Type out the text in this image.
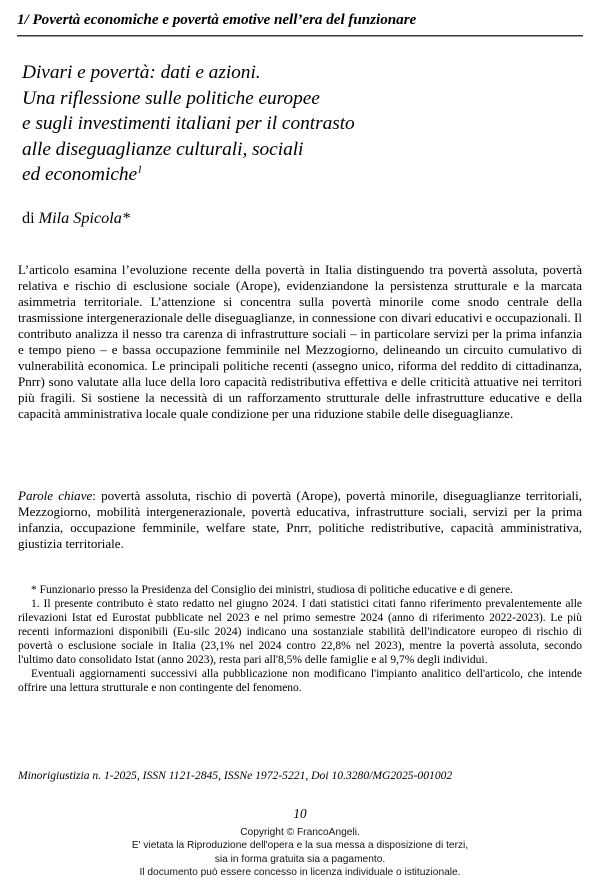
1/ Povertà economiche e povertà emotive nell’era del funzionare
Divari e povertà: dati e azioni.
Una riflessione sulle politiche europee
e sugli investimenti italiani per il contrasto
alle diseguaglianze culturali, sociali
ed economiche$^1$
di Mila Spicola*
L’articolo esamina l’evoluzione recente della povertà in Italia distinguendo tra povertà assoluta, povertà relativa e rischio di esclusione sociale (Arope), evidenziandone la persistenza strutturale e la marcata asimmetria territoriale. L’attenzione si concentra sulla povertà minorile come snodo centrale della trasmissione intergenerazionale delle diseguaglianze, in connessione con divari educativi e occupazionali. Il contributo analizza il nesso tra carenza di infrastrutture sociali – in particolare servizi per la prima infanzia e tempo pieno – e bassa occupazione femminile nel Mezzogiorno, delineando un circuito cumulativo di vulnerabilità economica. Le principali politiche recenti (assegno unico, riforma del reddito di cittadinanza, Pnrr) sono valutate alla luce della loro capacità redistributiva effettiva e delle criticità attuative nei territori più fragili. Si sostiene la necessità di un rafforzamento strutturale delle infrastrutture educative e della capacità amministrativa locale quale condizione per una riduzione stabile delle diseguaglianze.
Parole chiave: povertà assoluta, rischio di povertà (Arope), povertà minorile, diseguaglianze territoriali, Mezzogiorno, mobilità intergenerazionale, povertà educativa, infrastrutture sociali, servizi per la prima infanzia, occupazione femminile, welfare state, Pnrr, politiche redistributive, capacità amministrativa, giustizia territoriale.

* Funzionario presso la Presidenza del Consiglio dei ministri, studiosa di politiche educative e di genere.

1. Il presente contributo è stato redatto nel giugno 2024. I dati statistici citati fanno riferimento prevalentemente alle rilevazioni Istat ed Eurostat pubblicate nel 2023 e nel primo semestre 2024 (anno di riferimento 2022-2023). Le più recenti informazioni disponibili (Eu-silc 2024) indicano una sostanziale stabilità dell'indicatore europeo di rischio di povertà o esclusione sociale in Italia (23,1% nel 2024 contro 22,8% nel 2023), mentre la povertà assoluta, secondo l'ultimo dato consolidato Istat (anno 2023), resta pari all'8,5% delle famiglie e al 9,7% degli individui.

Eventuali aggiornamenti successivi alla pubblicazione non modificano l'impianto analitico dell'articolo, che intende offrire una lettura strutturale e non contingente del fenomeno.

Minorigiustizia n. 1-2025, ISSN 1121-2845, ISSNe 1972-5221, Doi 10.3280/MG2025-001002
10
Copyright © FrancoAngeli.
E' vietata la Riproduzione dell'opera e la sua messa a disposizione di terzi,
sia in forma gratuita sia a pagamento.
Il documento può essere concesso in licenza individuale o istituzionale.
